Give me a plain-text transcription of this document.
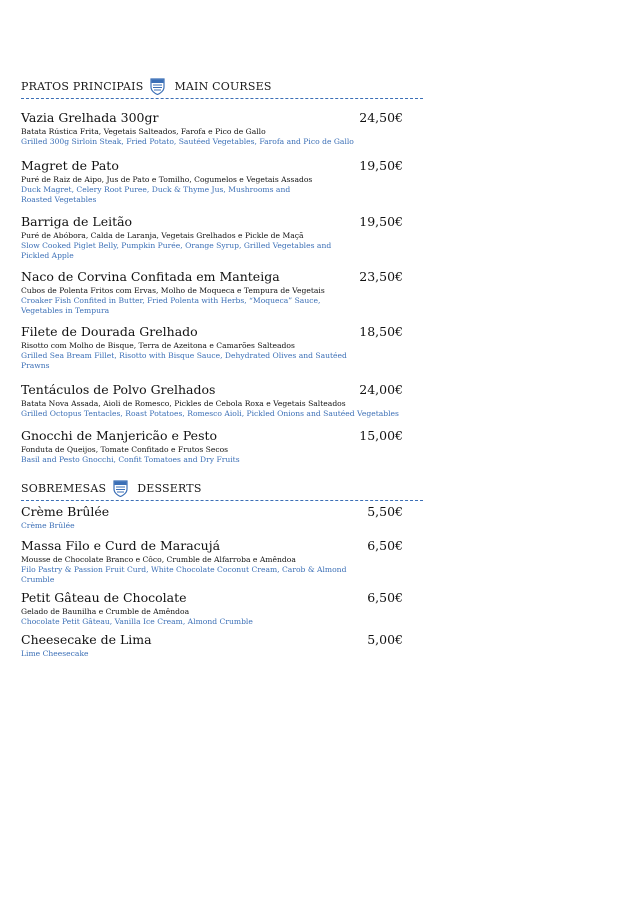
PRATOS PRINCIPAIS	MAIN COURSES
Vazia Grelhada 300gr	24,50€
Batata Rústica Frita, Vegetais Salteados, Farofa e Pico de Gallo
Grilled 300g Sirloin Steak, Fried Potato, Sautéed Vegetables, Farofa and Pico de Gallo
Magret de Pato	19,50€
Puré de Raiz de Aipo, Jus de Pato e Tomilho, Cogumelos e Vegetais Assados
Duck Magret, Celery Root Puree, Duck & Thyme Jus, Mushrooms and Roasted Vegetables
Barriga de Leitão	19,50€
Puré de Abóbora, Calda de Laranja, Vegetais Grelhados e Pickle de Maçã
Slow Cooked Piglet Belly, Pumpkin Purée, Orange Syrup, Grilled Vegetables and Pickled Apple
Naco de Corvina Confitada em Manteiga	23,50€
Cubos de Polenta Fritos com Ervas, Molho de Moqueca e Tempura de Vegetais
Croaker Fish Confited in Butter, Fried Polenta with Herbs, “Moqueca” Sauce, Vegetables in Tempura
Filete de Dourada Grelhado	18,50€
Risotto com Molho de Bisque, Terra de Azeitona e Camarões Salteados
Grilled Sea Bream Fillet, Risotto with Bisque Sauce, Dehydrated Olives and Sautéed Prawns
Tentáculos de Polvo Grelhados	24,00€
Batata Nova Assada, Aioli de Romesco, Pickles de Cebola Roxa e Vegetais Salteados
Grilled Octopus Tentacles, Roast Potatoes, Romesco Aioli, Pickled Onions and Sautéed Vegetables
Gnocchi de Manjericão e Pesto	15,00€
Fonduta de Queijos, Tomate Confitado e Frutos Secos
Basil and Pesto Gnocchi, Confit Tomatoes and Dry Fruits
SOBREMESAS	DESSERTS
Crème Brûlée	5,50€
Crème Brûlée
Massa Filo e Curd de Maracujá	6,50€
Mousse de Chocolate Branco e Côco, Crumble de Alfarroba e Amêndoa
Filo Pastry & Passion Fruit Curd, White Chocolate Coconut Cream, Carob & Almond Crumble
Petit Gâteau de Chocolate	6,50€
Gelado de Baunilha e Crumble de Amêndoa
Chocolate Petit Gâteau, Vanilla Ice Cream, Almond Crumble
Cheesecake de Lima	5,00€
Lime Cheesecake
